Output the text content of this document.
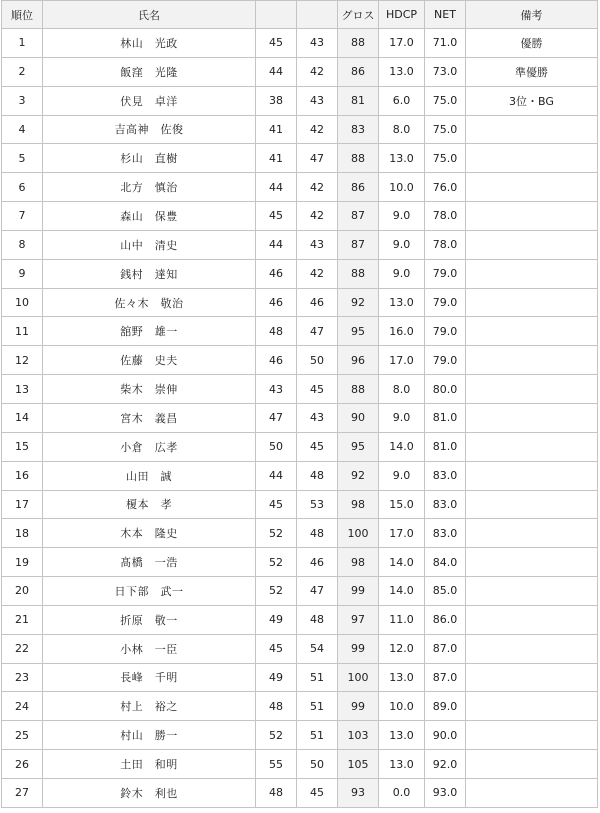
順位	氏名			グロス	HDCP	NET	備考
1	林山　光政	45	43	88	17.0	71.0	優勝
2	飯窪　光隆	44	42	86	13.0	73.0	準優勝
3	伏見　卓洋	38	43	81	6.0	75.0	3位・BG
4	吉高神　佐俊	41	42	83	8.0	75.0	
5	杉山　直樹	41	47	88	13.0	75.0	
6	北方　慎治	44	42	86	10.0	76.0	
7	森山　保豊	45	42	87	9.0	78.0	
8	山中　清史	44	43	87	9.0	78.0	
9	銭村　達知	46	42	88	9.0	79.0	
10	佐々木　敬治	46	46	92	13.0	79.0	
11	舘野　雄一	48	47	95	16.0	79.0	
12	佐藤　史夫	46	50	96	17.0	79.0	
13	柴木　崇伸	43	45	88	8.0	80.0	
14	宮木　義昌	47	43	90	9.0	81.0	
15	小倉　広孝	50	45	95	14.0	81.0	
16	山田　誠	44	48	92	9.0	83.0	
17	榎本　孝	45	53	98	15.0	83.0	
18	木本　隆史	52	48	100	17.0	83.0	
19	髙橋　一浩	52	46	98	14.0	84.0	
20	日下部　武一	52	47	99	14.0	85.0	
21	折原　敬一	49	48	97	11.0	86.0	
22	小林　一臣	45	54	99	12.0	87.0	
23	長峰　千明	49	51	100	13.0	87.0	
24	村上　裕之	48	51	99	10.0	89.0	
25	村山　勝一	52	51	103	13.0	90.0	
26	土田　和明	55	50	105	13.0	92.0	
27	鈴木　利也	48	45	93	0.0	93.0	
